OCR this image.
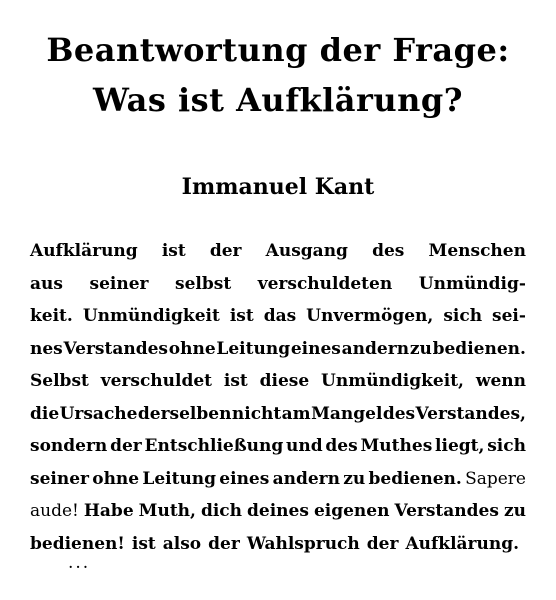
Beantwortung der Frage:
Was ist Aufklärung?
Immanuel Kant
Aufklärung ist der Ausgang des Menschen
aus seiner selbst verschuldeten Unmündig-
keit. Unmündigkeit ist das Unvermögen, sich sei-
nes Verstandes ohne Leitung eines andern zu bedienen.
Selbst verschuldet ist diese Unmündigkeit, wenn
die Ursache derselben nicht am Mangel des Verstandes,
sondern der Entschließung und des Muthes liegt, sich
seiner ohne Leitung eines andern zu bedienen. Sapere
aude! Habe Muth, dich deines eigenen Verstandes zu
bedienen! ist also der Wahlspruch der Aufklärung.
...
